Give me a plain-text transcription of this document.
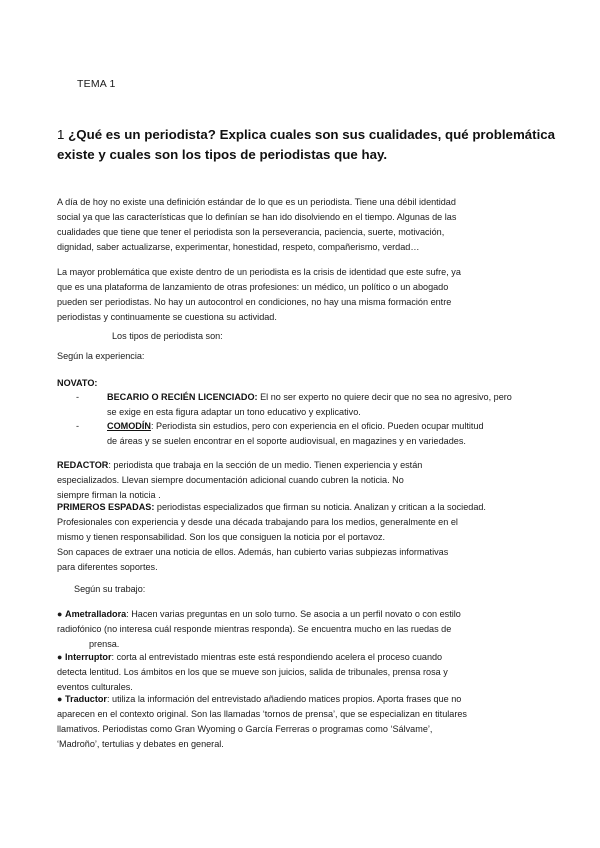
TEMA 1
1 ¿Qué es un periodista? Explica cuales son sus cualidades, qué problemática
existe y cuales son los tipos de periodistas que hay.
A día de hoy no existe una definición estándar de lo que es un periodista. Tiene una débil identidad
social ya que las características que lo definían se han ido disolviendo en el tiempo. Algunas de las
cualidades que tiene que tener el periodista son la perseverancia, paciencia, suerte, motivación,
dignidad, saber actualizarse, experimentar, honestidad, respeto, compañerismo, verdad…
La mayor problemática que existe dentro de un periodista es la crisis de identidad que este sufre, ya
que es una plataforma de lanzamiento de otras profesiones: un médico, un político o un abogado
pueden ser periodistas. No hay un autocontrol en condiciones, no hay una misma formación entre
periodistas y continuamente se cuestiona su actividad.
Los tipos de periodista son:
Según la experiencia:
NOVATO:
-	BECARIO O RECIÉN LICENCIADO: El no ser experto no quiere decir que no sea no agresivo, pero
se exige en esta figura adaptar un tono educativo y explicativo.
-	COMODÍN: Periodista sin estudios, pero con experiencia en el oficio. Pueden ocupar multitud
de áreas y se suelen encontrar en el soporte audiovisual, en magazines y en variedades.
REDACTOR: periodista que trabaja en la sección de un medio. Tienen experiencia y están
especializados. Llevan siempre documentación adicional cuando cubren la noticia. No
siempre firman la noticia .
PRIMEROS ESPADAS: periodistas especializados que firman su noticia. Analizan y critican a la sociedad.
Profesionales con experiencia y desde una década trabajando para los medios, generalmente en el
mismo y tienen responsabilidad. Son los que consiguen la noticia por el portavoz.
Son capaces de extraer una noticia de ellos. Además, han cubierto varias subpiezas informativas
para diferentes soportes.
Según su trabajo:
● Ametralladora: Hacen varias preguntas en un solo turno. Se asocia a un perfil novato o con estilo
radiofónico (no interesa cuál responde mientras responda). Se encuentra mucho en las ruedas de
prensa.
● Interruptor: corta al entrevistado mientras este está respondiendo acelera el proceso cuando
detecta lentitud. Los ámbitos en los que se mueve son juicios, salida de tribunales, prensa rosa y
eventos culturales.
● Traductor: utiliza la información del entrevistado añadiendo matices propios. Aporta frases que no
aparecen en el contexto original. Son las llamadas ‘tornos de prensa’, que se especializan en titulares
llamativos. Periodistas como Gran Wyoming o García Ferreras o programas como ‘Sálvame’,
‘Madroño’, tertulias y debates en general.
